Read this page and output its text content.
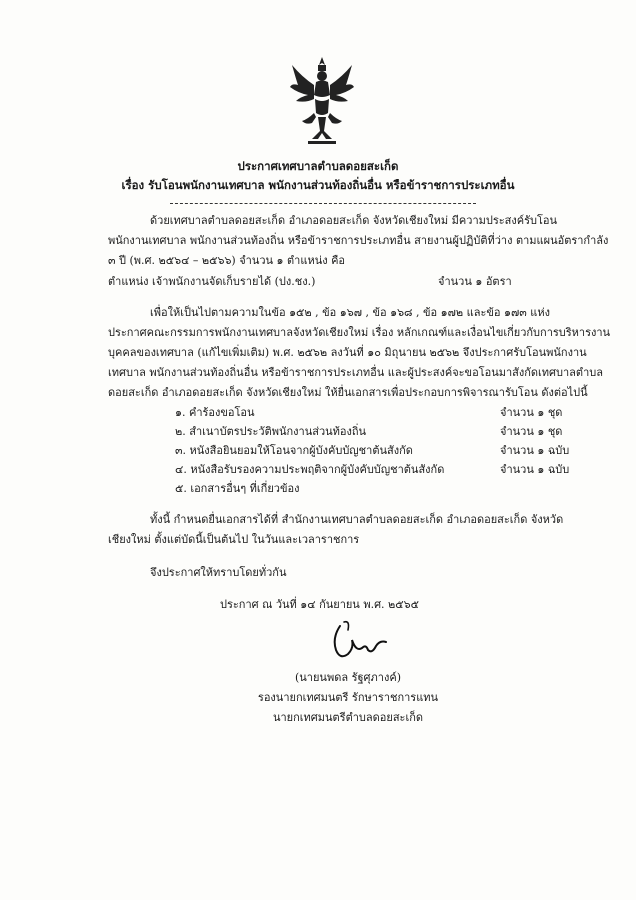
ประกาศเทศบาลตำบลดอยสะเก็ด
เรื่อง รับโอนพนักงานเทศบาล พนักงานส่วนท้องถิ่นอื่น หรือข้าราชการประเภทอื่น
ด้วยเทศบาลตำบลดอยสะเก็ด อำเภอดอยสะเก็ด จังหวัดเชียงใหม่ มีความประสงค์รับโอน
พนักงานเทศบาล พนักงานส่วนท้องถิ่น หรือข้าราชการประเภทอื่น สายงานผู้ปฏิบัติที่ว่าง ตามแผนอัตรากำลัง
๓ ปี (พ.ศ. ๒๕๖๔ – ๒๕๖๖) จำนวน ๑ ตำแหน่ง คือ
ตำแหน่ง เจ้าพนักงานจัดเก็บรายได้ (ปง.ชง.)	จำนวน ๑ อัตรา
เพื่อให้เป็นไปตามความในข้อ ๑๕๒ , ข้อ ๑๖๗ , ข้อ ๑๖๘ , ข้อ ๑๗๒ และข้อ ๑๗๓ แห่ง
ประกาศคณะกรรมการพนักงานเทศบาลจังหวัดเชียงใหม่ เรื่อง หลักเกณฑ์และเงื่อนไขเกี่ยวกับการบริหารงาน
บุคคลของเทศบาล (แก้ไขเพิ่มเติม) พ.ศ. ๒๕๖๒ ลงวันที่ ๑๐ มิถุนายน ๒๕๖๒ จึงประกาศรับโอนพนักงาน
เทศบาล พนักงานส่วนท้องถิ่นอื่น หรือข้าราชการประเภทอื่น และผู้ประสงค์จะขอโอนมาสังกัดเทศบาลตำบล
ดอยสะเก็ด อำเภอดอยสะเก็ด จังหวัดเชียงใหม่ ให้ยื่นเอกสารเพื่อประกอบการพิจารณารับโอน ดังต่อไปนี้
๑. คำร้องขอโอน	จำนวน ๑ ชุด
๒. สำเนาบัตรประวัติพนักงานส่วนท้องถิ่น	จำนวน ๑ ชุด
๓. หนังสือยินยอมให้โอนจากผู้บังคับบัญชาต้นสังกัด	จำนวน ๑ ฉบับ
๔. หนังสือรับรองความประพฤติจากผู้บังคับบัญชาต้นสังกัด	จำนวน ๑ ฉบับ
๕. เอกสารอื่นๆ ที่เกี่ยวข้อง
ทั้งนี้ กำหนดยื่นเอกสารได้ที่ สำนักงานเทศบาลตำบลดอยสะเก็ด อำเภอดอยสะเก็ด จังหวัด
เชียงใหม่ ตั้งแต่บัดนี้เป็นต้นไป ในวันและเวลาราชการ
จึงประกาศให้ทราบโดยทั่วกัน
ประกาศ ณ วันที่ ๑๔ กันยายน พ.ศ. ๒๕๖๕
(นายนพดล รัฐศุภางค์)
รองนายกเทศมนตรี รักษาราชการแทน
นายกเทศมนตรีตำบลดอยสะเก็ด
